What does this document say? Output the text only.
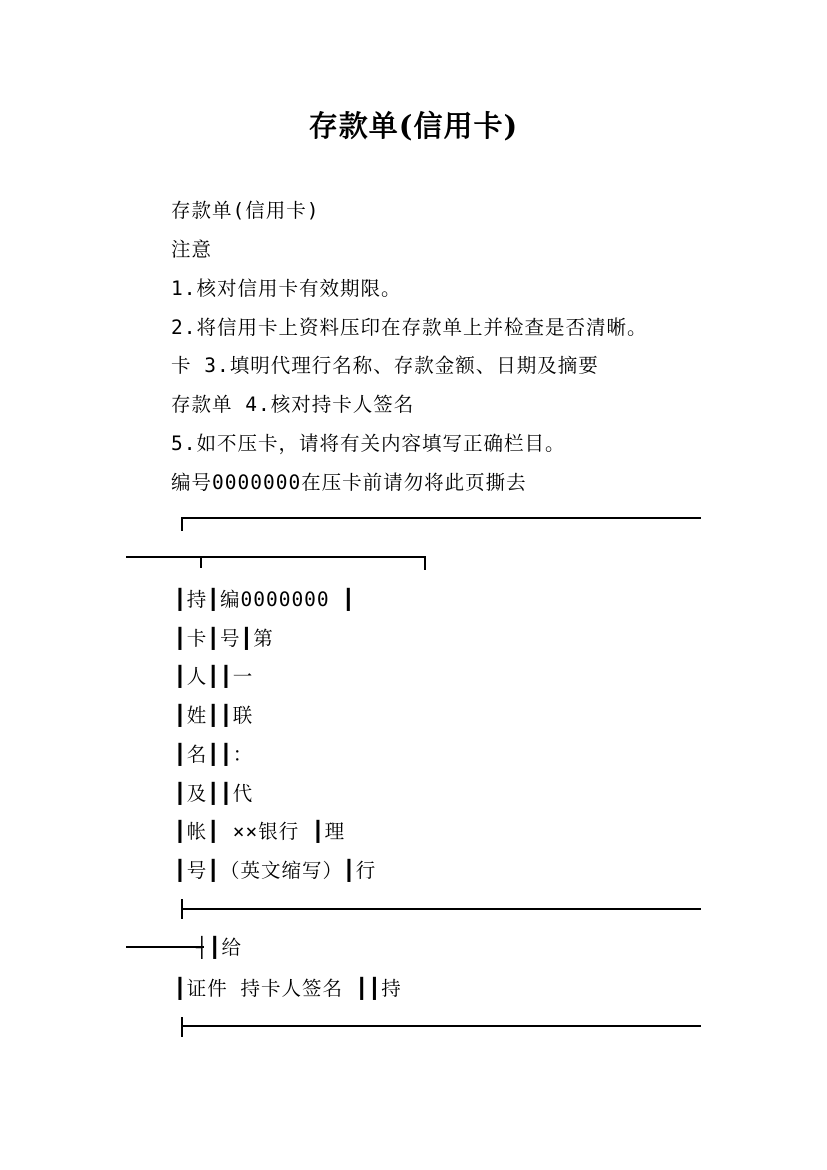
存款单(信用卡)
存款单(信用卡)
注意
1.核对信用卡有效期限。
2.将信用卡上资料压印在存款单上并检查是否清晰。
卡 3.填明代理行名称、存款金额、日期及摘要
存款单 4.核对持卡人签名
5.如不压卡，请将有关内容填写正确栏目。
编号0000000在压卡前请勿将此页撕去
┃持┃编0000000 ┃
┃卡┃号┃第
┃人┃┃一
┃姓┃┃联
┃名┃┃：
┃及┃┃代
┃帐┃ ××银行 ┃理
┃号┃（英文缩写）┃行
┤┃给
┃证件 持卡人签名 ┃┃持
